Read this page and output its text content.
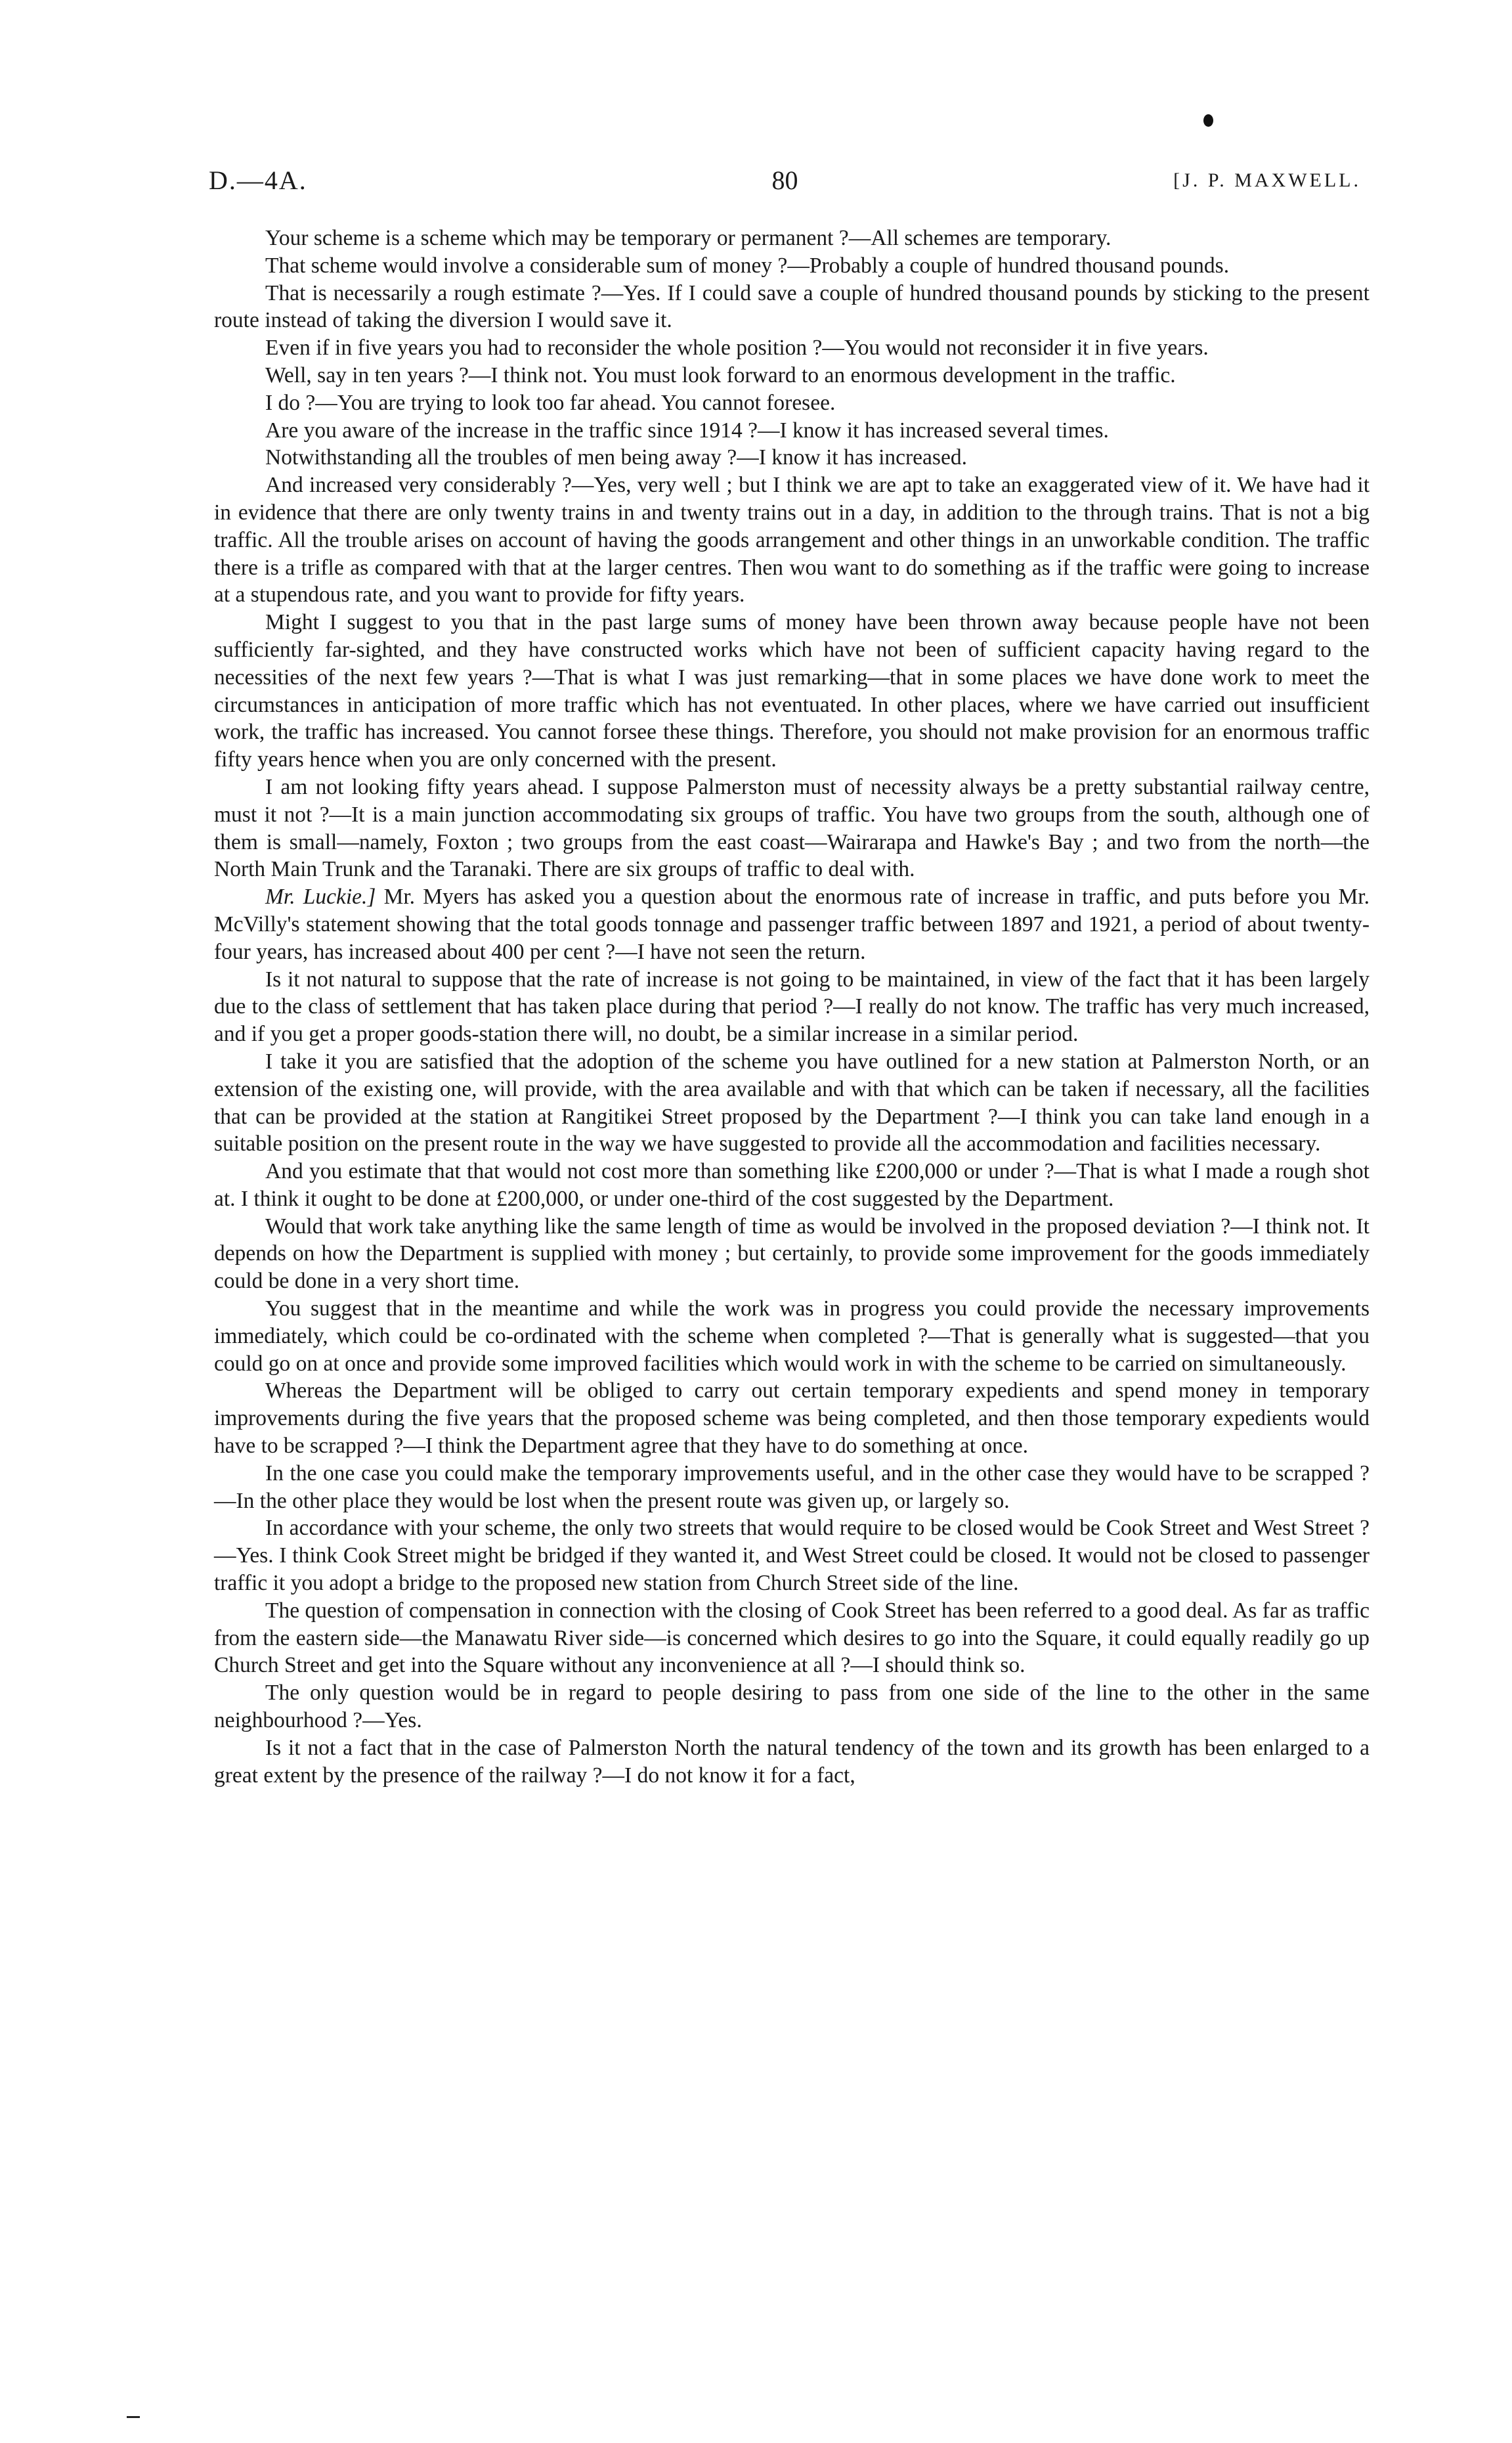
D.—4A.	80	[J. P. MAXWELL.

Your scheme is a scheme which may be temporary or permanent ?—All schemes are temporary.

That scheme would involve a considerable sum of money ?—Probably a couple of hundred thousand pounds.

That is necessarily a rough estimate ?—Yes. If I could save a couple of hundred thousand pounds by sticking to the present route instead of taking the diversion I would save it.

Even if in five years you had to reconsider the whole position ?—You would not reconsider it in five years.

Well, say in ten years ?—I think not. You must look forward to an enormous development in the traffic.

I do ?—You are trying to look too far ahead. You cannot foresee.

Are you aware of the increase in the traffic since 1914 ?—I know it has increased several times.

Notwithstanding all the troubles of men being away ?—I know it has increased.

And increased very considerably ?—Yes, very well ; but I think we are apt to take an exaggerated view of it. We have had it in evidence that there are only twenty trains in and twenty trains out in a day, in addition to the through trains. That is not a big traffic. All the trouble arises on account of having the goods arrangement and other things in an unworkable condition. The traffic there is a trifle as compared with that at the larger centres. Then wou want to do something as if the traffic were going to increase at a stupendous rate, and you want to provide for fifty years.

Might I suggest to you that in the past large sums of money have been thrown away because people have not been sufficiently far-sighted, and they have constructed works which have not been of sufficient capacity having regard to the necessities of the next few years ?—That is what I was just remarking—that in some places we have done work to meet the circumstances in anticipation of more traffic which has not eventuated. In other places, where we have carried out insufficient work, the traffic has increased. You cannot forsee these things. Therefore, you should not make provision for an enormous traffic fifty years hence when you are only concerned with the present.

I am not looking fifty years ahead. I suppose Palmerston must of necessity always be a pretty substantial railway centre, must it not ?—It is a main junction accommodating six groups of traffic. You have two groups from the south, although one of them is small—namely, Foxton ; two groups from the east coast—Wairarapa and Hawke's Bay ; and two from the north—the North Main Trunk and the Taranaki. There are six groups of traffic to deal with.

Mr. Luckie.] Mr. Myers has asked you a question about the enormous rate of increase in traffic, and puts before you Mr. McVilly's statement showing that the total goods tonnage and passenger traffic between 1897 and 1921, a period of about twenty-four years, has increased about 400 per cent ?—I have not seen the return.

Is it not natural to suppose that the rate of increase is not going to be maintained, in view of the fact that it has been largely due to the class of settlement that has taken place during that period ?—I really do not know. The traffic has very much increased, and if you get a proper goods-station there will, no doubt, be a similar increase in a similar period.

I take it you are satisfied that the adoption of the scheme you have outlined for a new station at Palmerston North, or an extension of the existing one, will provide, with the area available and with that which can be taken if necessary, all the facilities that can be provided at the station at Rangitikei Street proposed by the Department ?—I think you can take land enough in a suitable position on the present route in the way we have suggested to provide all the accommodation and facilities necessary.

And you estimate that that would not cost more than something like £200,000 or under ?—That is what I made a rough shot at. I think it ought to be done at £200,000, or under one-third of the cost suggested by the Department.

Would that work take anything like the same length of time as would be involved in the proposed deviation ?—I think not. It depends on how the Department is supplied with money ; but certainly, to provide some improvement for the goods immediately could be done in a very short time.

You suggest that in the meantime and while the work was in progress you could provide the necessary improvements immediately, which could be co-ordinated with the scheme when completed ?—That is generally what is suggested—that you could go on at once and provide some improved facilities which would work in with the scheme to be carried on simultaneously.

Whereas the Department will be obliged to carry out certain temporary expedients and spend money in temporary improvements during the five years that the proposed scheme was being completed, and then those temporary expedients would have to be scrapped ?—I think the Department agree that they have to do something at once.

In the one case you could make the temporary improvements useful, and in the other case they would have to be scrapped ?—In the other place they would be lost when the present route was given up, or largely so.

In accordance with your scheme, the only two streets that would require to be closed would be Cook Street and West Street ?—Yes. I think Cook Street might be bridged if they wanted it, and West Street could be closed. It would not be closed to passenger traffic it you adopt a bridge to the proposed new station from Church Street side of the line.

The question of compensation in connection with the closing of Cook Street has been referred to a good deal. As far as traffic from the eastern side—the Manawatu River side—is concerned which desires to go into the Square, it could equally readily go up Church Street and get into the Square without any inconvenience at all ?—I should think so.

The only question would be in regard to people desiring to pass from one side of the line to the other in the same neighbourhood ?—Yes.

Is it not a fact that in the case of Palmerston North the natural tendency of the town and its growth has been enlarged to a great extent by the presence of the railway ?—I do not know it for a fact,
